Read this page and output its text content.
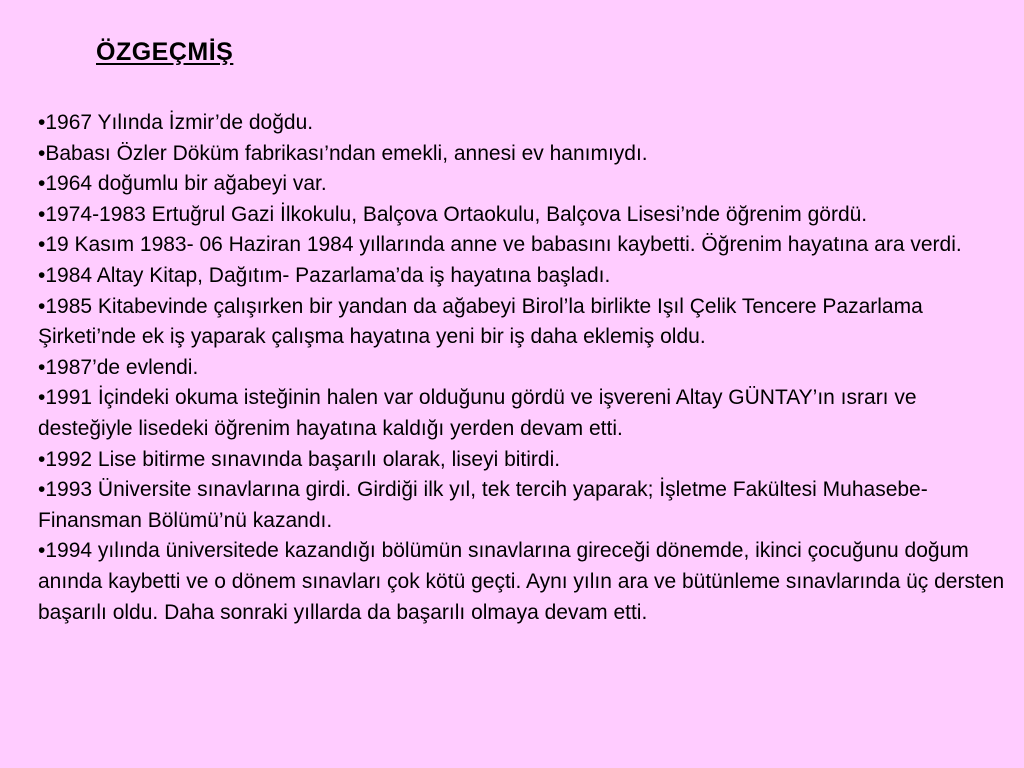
ÖZGEÇMİŞ

•1967 Yılında İzmir’de doğdu.

•Babası Özler Döküm fabrikası’ndan emekli, annesi ev hanımıydı.

•1964 doğumlu bir ağabeyi var.

•1974-1983 Ertuğrul Gazi İlkokulu, Balçova Ortaokulu, Balçova Lisesi’nde öğrenim gördü.

•19 Kasım 1983- 06 Haziran 1984 yıllarında anne ve babasını kaybetti. Öğrenim hayatına ara verdi.

•1984 Altay Kitap, Dağıtım- Pazarlama’da iş hayatına başladı.

•1985 Kitabevinde çalışırken bir yandan da ağabeyi Birol’la birlikte Işıl Çelik Tencere Pazarlama Şirketi’nde ek iş yaparak çalışma hayatına yeni bir iş daha eklemiş oldu.

•1987’de evlendi.

•1991 İçindeki okuma isteğinin halen var olduğunu gördü ve işvereni Altay GÜNTAY’ın ısrarı ve desteğiyle lisedeki öğrenim hayatına kaldığı yerden devam etti.

•1992 Lise bitirme sınavında başarılı olarak, liseyi bitirdi.

•1993 Üniversite sınavlarına girdi. Girdiği ilk yıl, tek tercih yaparak; İşletme Fakültesi Muhasebe- Finansman Bölümü’nü kazandı.

•1994 yılında üniversitede kazandığı bölümün sınavlarına gireceği dönemde, ikinci çocuğunu doğum anında kaybetti ve o dönem sınavları çok kötü geçti. Aynı yılın ara ve bütünleme sınavlarında üç dersten başarılı oldu. Daha sonraki yıllarda da başarılı olmaya devam etti.
